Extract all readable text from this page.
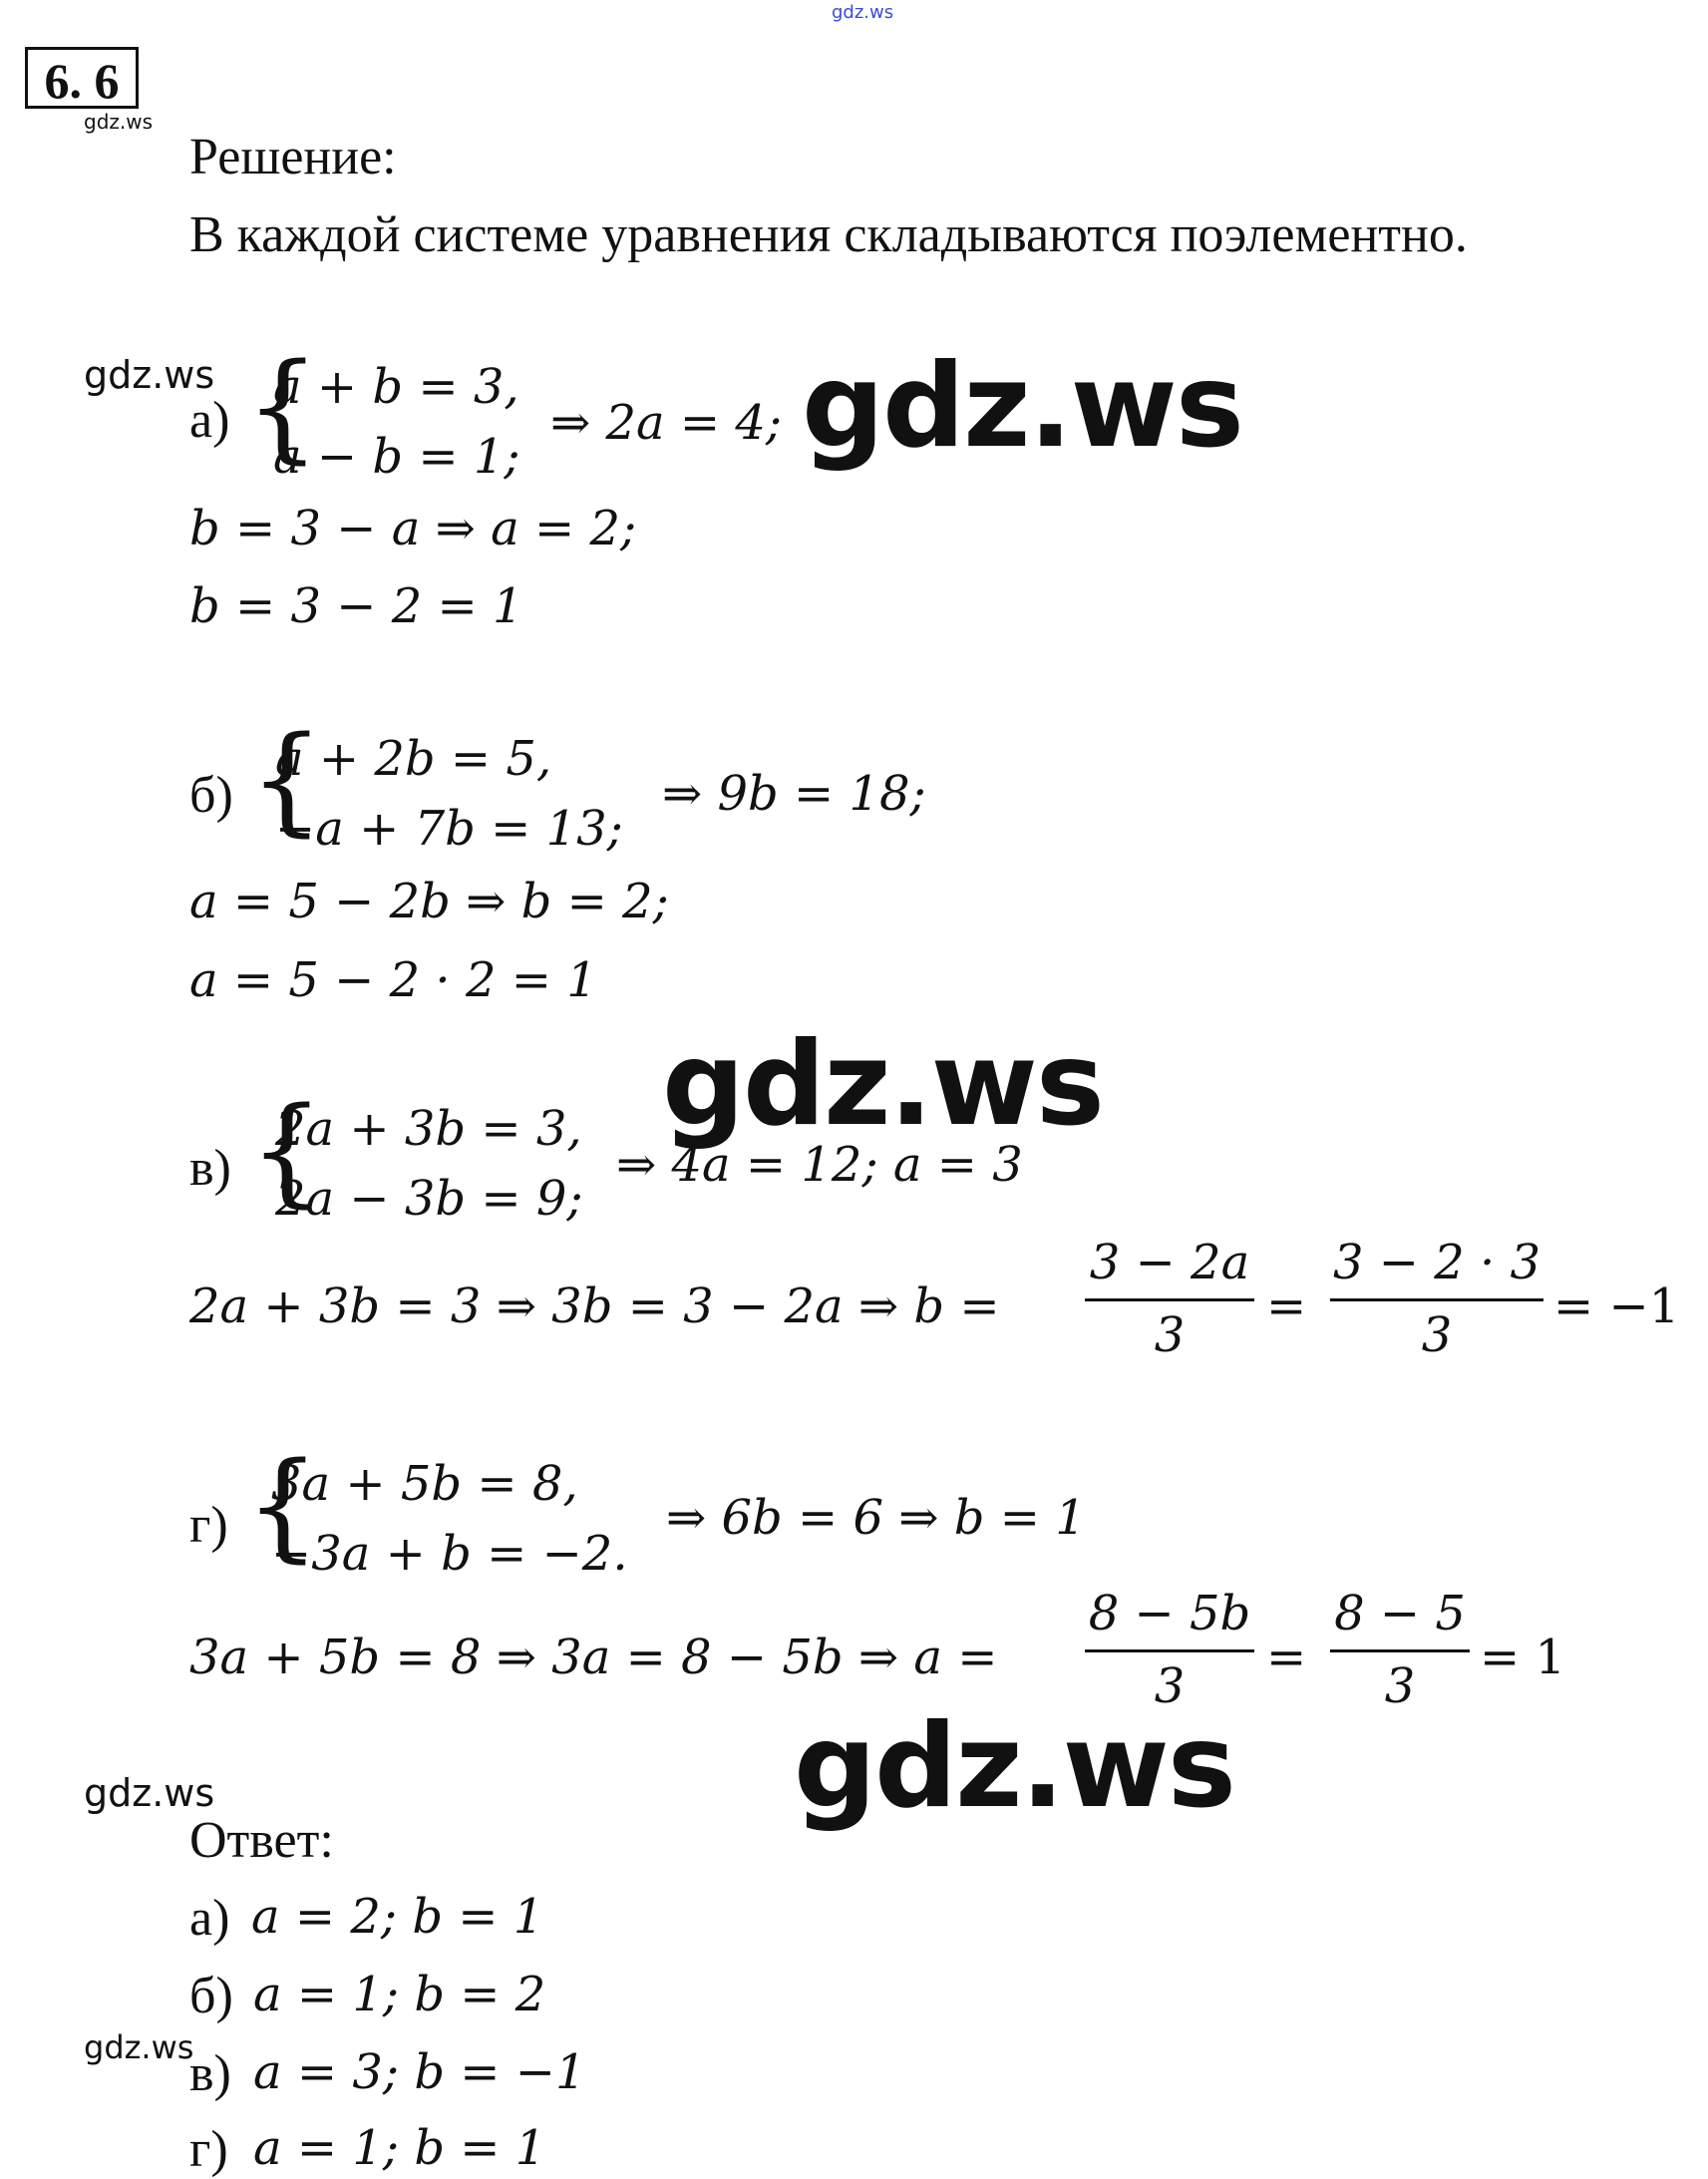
gdz.ws
6. 6
gdz.ws
Решение:
В каждой системе уравнения складываются поэлементно.
gdz.ws
а) {
a + b = 3,
a − b = 1;
⇒ 2a = 4; gdz.ws
b = 3 − a ⇒ a = 2;
b = 3 − 2 = 1
б) {
a + 2b = 5,
−a + 7b = 13;
⇒ 9b = 18;
a = 5 − 2b ⇒ b = 2;
a = 5 − 2 · 2 = 1
gdz.ws
в) {
2a + 3b = 3,
2a − 3b = 9;
⇒ 4a = 12; a = 3
2a + 3b = 3 ⇒ 3b = 3 − 2a ⇒ b =
3 − 2a
3
=
3 − 2 · 3
3
= −1
г) {
3a + 5b = 8,
−3a + b = −2.
⇒ 6b = 6 ⇒ b = 1
3a + 5b = 8 ⇒ 3a = 8 − 5b ⇒ a =
8 − 5b
3
=
8 − 5
3
= 1
gdz.ws
gdz.ws
Ответ:
а) a = 2; b = 1
б) a = 1; b = 2
gdz.ws
в) a = 3; b = −1
г) a = 1; b = 1
